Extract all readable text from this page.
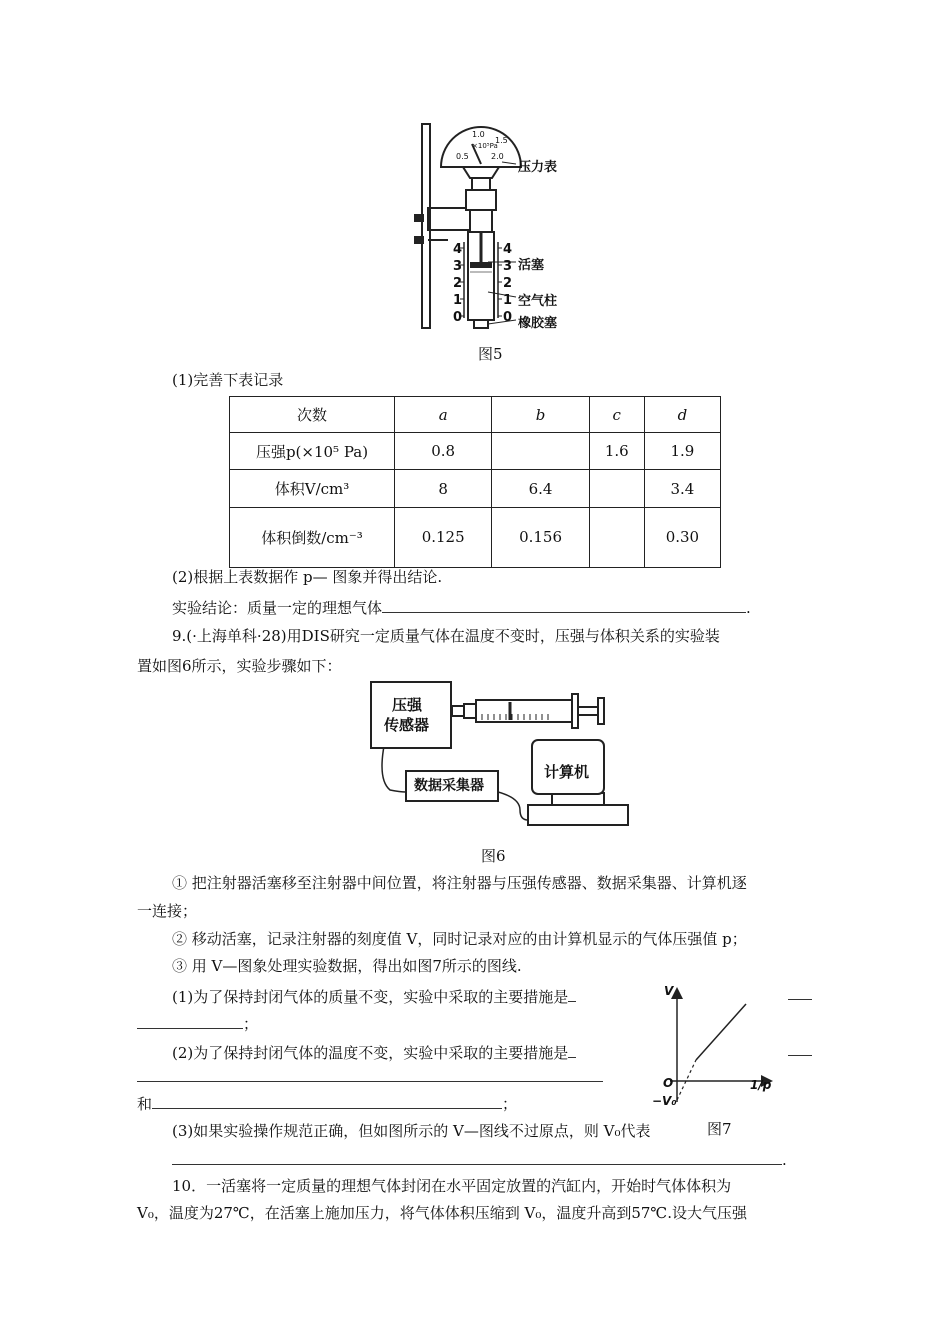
1.0
1.5
×10⁵Pa
0.5	2.0
4
3
2
1
0
4
3
2
1
0
压力表
活塞
空气柱
橡胶塞
图5
(1)完善下表记录
次数	a	b	c	d
压强p(×10⁵ Pa)	0.8		1.6	1.9
体积V/cm³	8	6.4		3.4
体积倒数/cm⁻³	0.125	0.156		0.30
(2)根据上表数据作 p— 图象并得出结论.
实验结论：质量一定的理想气体	.
9.(·上海单科·28)用DIS研究一定质量气体在温度不变时，压强与体积关系的实验装
置如图6所示，实验步骤如下：
压强
传感器
数据采集器
计算机
图6
① 把注射器活塞移至注射器中间位置，将注射器与压强传感器、数据采集器、计算机逐
一连接；
② 移动活塞，记录注射器的刻度值 V，同时记录对应的由计算机显示的气体压强值 p；
③ 用 V—图象处理实验数据，得出如图7所示的图线.
(1)为了保持封闭气体的质量不变，实验中采取的主要措施是
；
(2)为了保持封闭气体的温度不变，实验中采取的主要措施是
和	；
(3)如果实验操作规范正确，但如图所示的 V—图线不过原点，则 V₀代表
.
V
1/p
O
−V₀
图7
10．一活塞将一定质量的理想气体封闭在水平固定放置的汽缸内，开始时气体体积为
V₀，温度为27℃，在活塞上施加压力，将气体体积压缩到 V₀，温度升高到57℃.设大气压强
